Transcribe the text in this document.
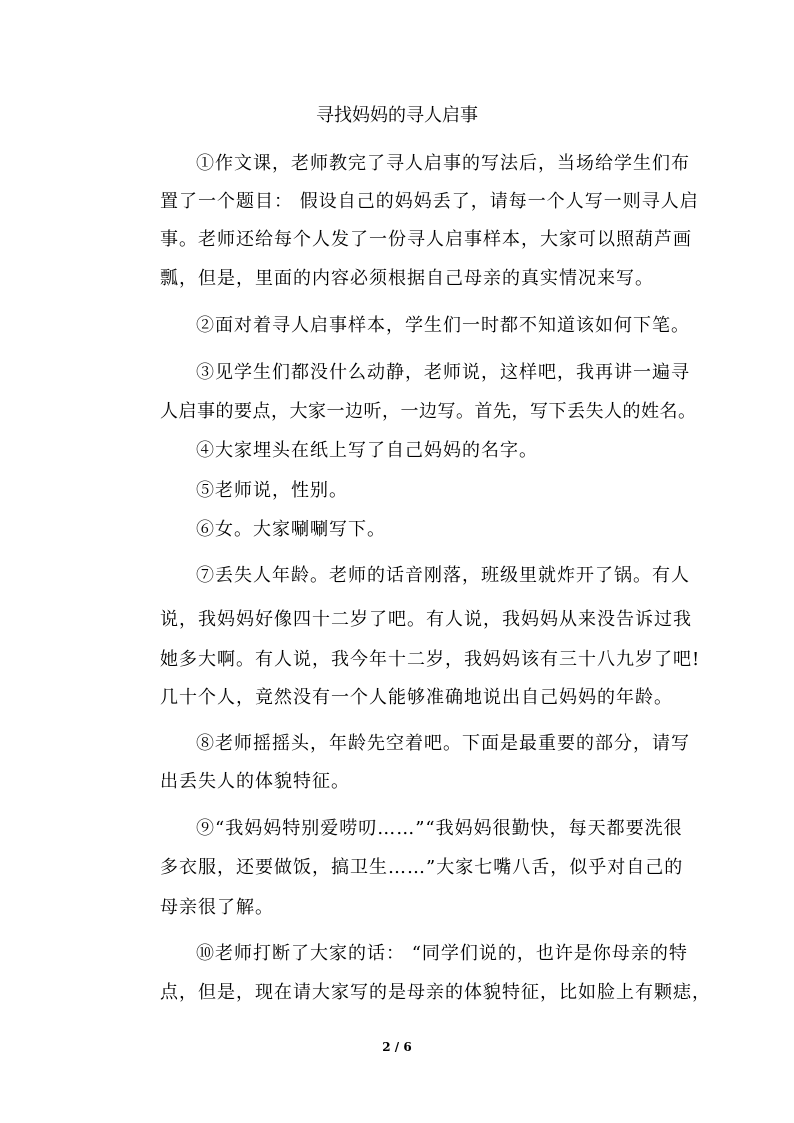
寻找妈妈的寻人启事
①作文课，老师教完了寻人启事的写法后，当场给学生们布
置了一个题目： 假设自己的妈妈丢了，请每一个人写一则寻人启
事。老师还给每个人发了一份寻人启事样本，大家可以照葫芦画
瓢，但是，里面的内容必须根据自己母亲的真实情况来写。
②面对着寻人启事样本，学生们一时都不知道该如何下笔。
③见学生们都没什么动静，老师说，这样吧，我再讲一遍寻
人启事的要点，大家一边听，一边写。首先，写下丢失人的姓名。
④大家埋头在纸上写了自己妈妈的名字。
⑤老师说，性别。
⑥女。大家唰唰写下。
⑦丢失人年龄。老师的话音刚落，班级里就炸开了锅。有人
说，我妈妈好像四十二岁了吧。有人说，我妈妈从来没告诉过我
她多大啊。有人说，我今年十二岁，我妈妈该有三十八九岁了吧!
几十个人，竟然没有一个人能够准确地说出自己妈妈的年龄。
⑧老师摇摇头，年龄先空着吧。下面是最重要的部分，请写
出丢失人的体貌特征。
⑨“我妈妈特别爱唠叨……”“我妈妈很勤快，每天都要洗很
多衣服，还要做饭，搞卫生……”大家七嘴八舌，似乎对自己的
母亲很了解。
⑩老师打断了大家的话： “同学们说的，也许是你母亲的特
点，但是，现在请大家写的是母亲的体貌特征，比如脸上有颗痣，
2 / 6
